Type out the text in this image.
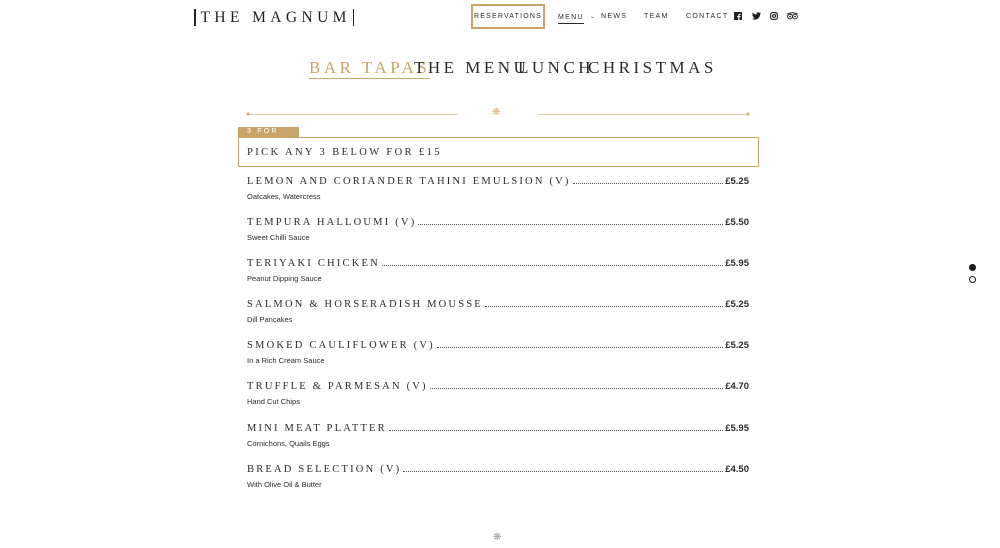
THE MAGNUM	RESERVATIONS	MENU ⌄ NEWS TEAM CONTACT
BAR TAPAS
THE MENU
LUNCH
CHRISTMAS
❋
3 FOR £15
PICK ANY 3 BELOW FOR £15
LEMON AND CORIANDER TAHINI EMULSION (V)	£5.25
Oatcakes, Watercress
TEMPURA HALLOUMI (V)	£5.50
Sweet Chilli Sauce
TERIYAKI CHICKEN	£5.95
Peanut Dipping Sauce
SALMON & HORSERADISH MOUSSE	£5.25
Dill Pancakes
SMOKED CAULIFLOWER (V)	£5.25
In a Rich Cream Sauce
TRUFFLE & PARMESAN (V)	£4.70
Hand Cut Chips
MINI MEAT PLATTER	£5.95
Cornichons, Quails Eggs
BREAD SELECTION (V)	£4.50
With Olive Oil & Butter
❋
